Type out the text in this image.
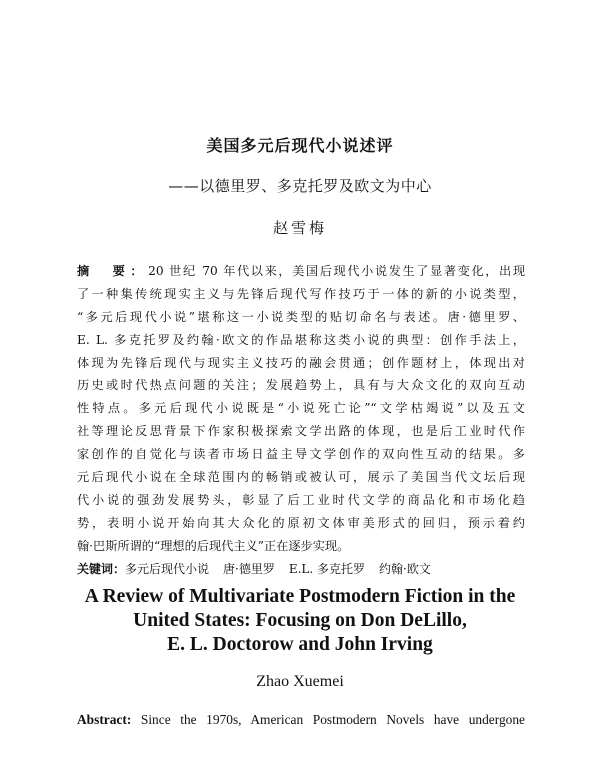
美国多元后现代小说述评
——以德里罗、多克托罗及欧文为中心
赵雪梅
摘　要：20 世纪 70 年代以来，美国后现代小说发生了显著变化，出现
了一种集传统现实主义与先锋后现代写作技巧于一体的新的小说类型，
“多元后现代小说”堪称这一小说类型的贴切命名与表述。唐·德里罗、
E. L. 多克托罗及约翰·欧文的作品堪称这类小说的典型：创作手法上，
体现为先锋后现代与现实主义技巧的融会贯通；创作题材上，体现出对
历史或时代热点问题的关注；发展趋势上，具有与大众文化的双向互动
性特点。多元后现代小说既是“小说死亡论”“文学枯竭说”以及五文
社等理论反思背景下作家积极探索文学出路的体现，也是后工业时代作
家创作的自觉化与读者市场日益主导文学创作的双向性互动的结果。多
元后现代小说在全球范围内的畅销或被认可，展示了美国当代文坛后现
代小说的强劲发展势头，彰显了后工业时代文学的商品化和市场化趋
势，表明小说开始向其大众化的原初文体审美形式的回归，预示着约
翰·巴斯所谓的“理想的后现代主义”正在逐步实现。
关键词：多元后现代小说 唐·德里罗 E.L. 多克托罗 约翰·欧文
A Review of Multivariate Postmodern Fiction in the
United States: Focusing on Don DeLillo,
E. L. Doctorow and John Irving
Zhao Xuemei
Abstract: Since the 1970s, American Postmodern Novels have undergone
